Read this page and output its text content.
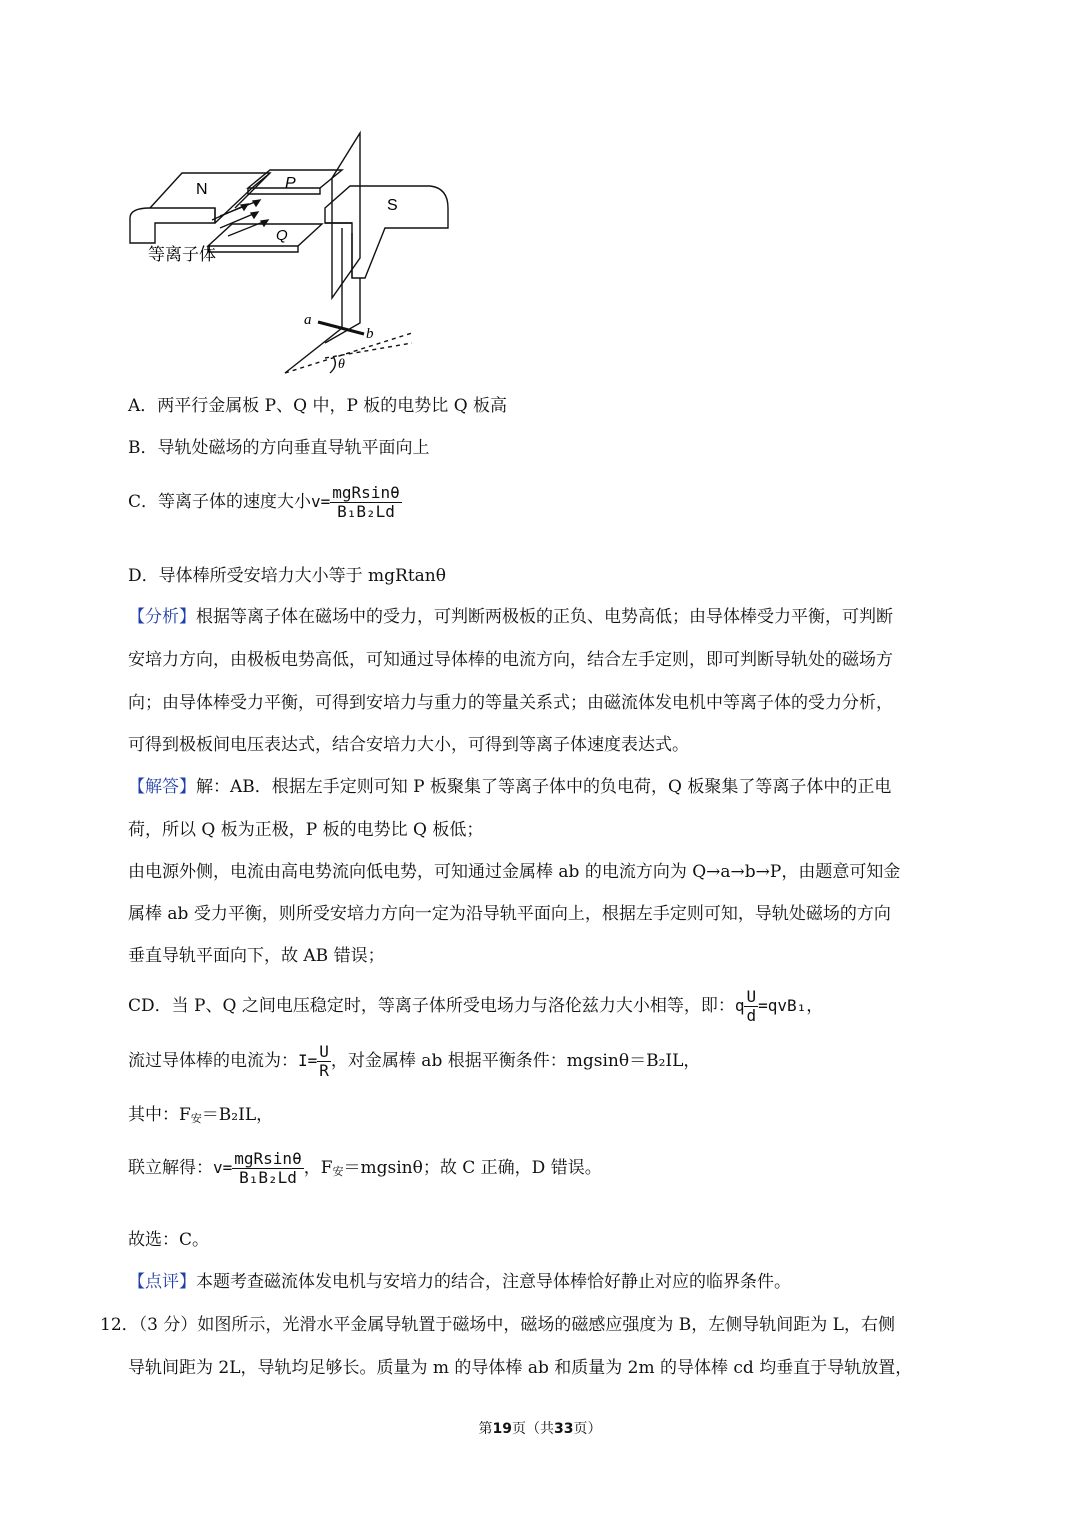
N	P
S
Q
等离子体
a
b
θ
A．两平行金属板 P、Q 中，P 板的电势比 Q 板高
B．导轨处磁场的方向垂直导轨平面向上
C．等离子体的速度大小$v= \frac{\text{mgRsinθ}}{\text{B₁B₂Ld}}$
D．导体棒所受安培力大小等于 mgRtanθ
【分析】根据等离子体在磁场中的受力，可判断两极板的正负、电势高低；由导体棒受力平衡，可判断
安培力方向，由极板电势高低，可知通过导体棒的电流方向，结合左手定则，即可判断导轨处的磁场方
向；由导体棒受力平衡，可得到安培力与重力的等量关系式；由磁流体发电机中等离子体的受力分析，
可得到极板间电压表达式，结合安培力大小，可得到等离子体速度表达式。
【解答】解：AB．根据左手定则可知 P 板聚集了等离子体中的负电荷，Q 板聚集了等离子体中的正电
荷，所以 Q 板为正极，P 板的电势比 Q 板低；
由电源外侧，电流由高电势流向低电势，可知通过金属棒 ab 的电流方向为 Q→a→b→P，由题意可知金
属棒 ab 受力平衡，则所受安培力方向一定为沿导轨平面向上，根据左手定则可知，导轨处磁场的方向
垂直导轨平面向下，故 AB 错误；
CD．当 P、Q 之间电压稳定时，等离子体所受电场力与洛伦兹力大小相等，即：q $\frac{U}{d} =qvB_1$，
流过导体棒的电流为：$I= \frac{U}{R}$ ，对金属棒 ab 根据平衡条件：mgsinθ＝B₂IL，
其中：F安＝B₂IL，
联立解得：$v= \frac{\text{mgRsinθ}}{\text{B₁B₂Ld}}$ ，F安＝mgsinθ；故 C 正确，D 错误。
故选：C。
【点评】本题考查磁流体发电机与安培力的结合，注意导体棒恰好静止对应的临界条件。
12．（3 分）如图所示，光滑水平金属导轨置于磁场中，磁场的磁感应强度为 B，左侧导轨间距为 L，右侧
导轨间距为 2L，导轨均足够长。质量为 m 的导体棒 ab 和质量为 2m 的导体棒 cd 均垂直于导轨放置，
第19页（共33页）
